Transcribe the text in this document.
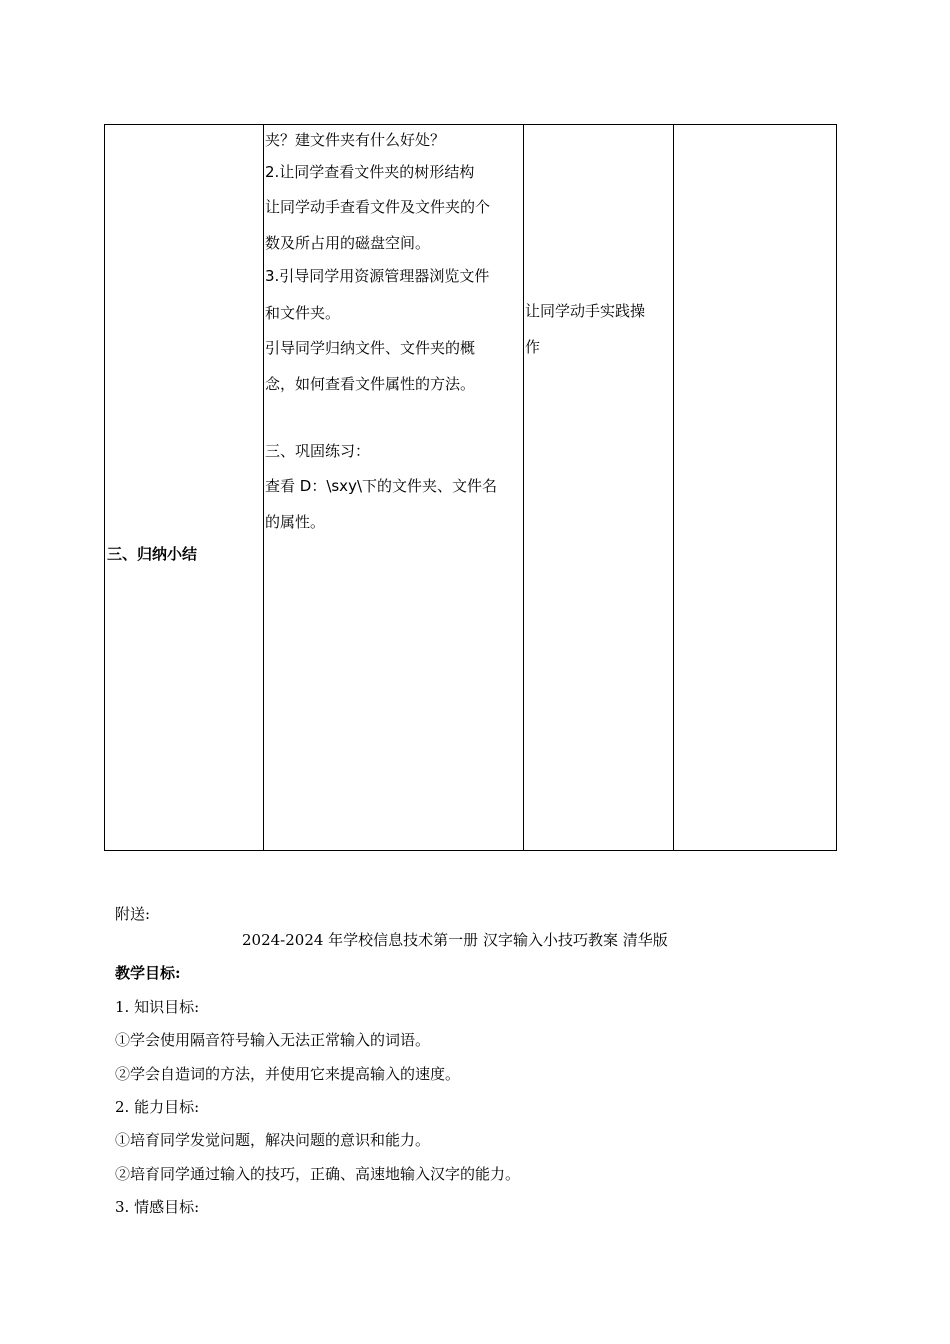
三、归纳小结
夹？建文件夹有什么好处？
2.让同学查看文件夹的树形结构
让同学动手查看文件及文件夹的个
数及所占用的磁盘空间。
3.引导同学用资源管理器浏览文件
和文件夹。
引导同学归纳文件、文件夹的概
念，如何查看文件属性的方法。
三、巩固练习：
查看 D：\sxy\下的文件夹、文件名
的属性。
让同学动手实践操
作
附送:
2024-2024 年学校信息技术第一册 汉字输入小技巧教案 清华版
教学目标:
1. 知识目标:
①学会使用隔音符号输入无法正常输入的词语。
②学会自造词的方法，并使用它来提高输入的速度。
2. 能力目标:
①培育同学发觉问题，解决问题的意识和能力。
②培育同学通过输入的技巧，正确、高速地输入汉字的能力。
3. 情感目标:
